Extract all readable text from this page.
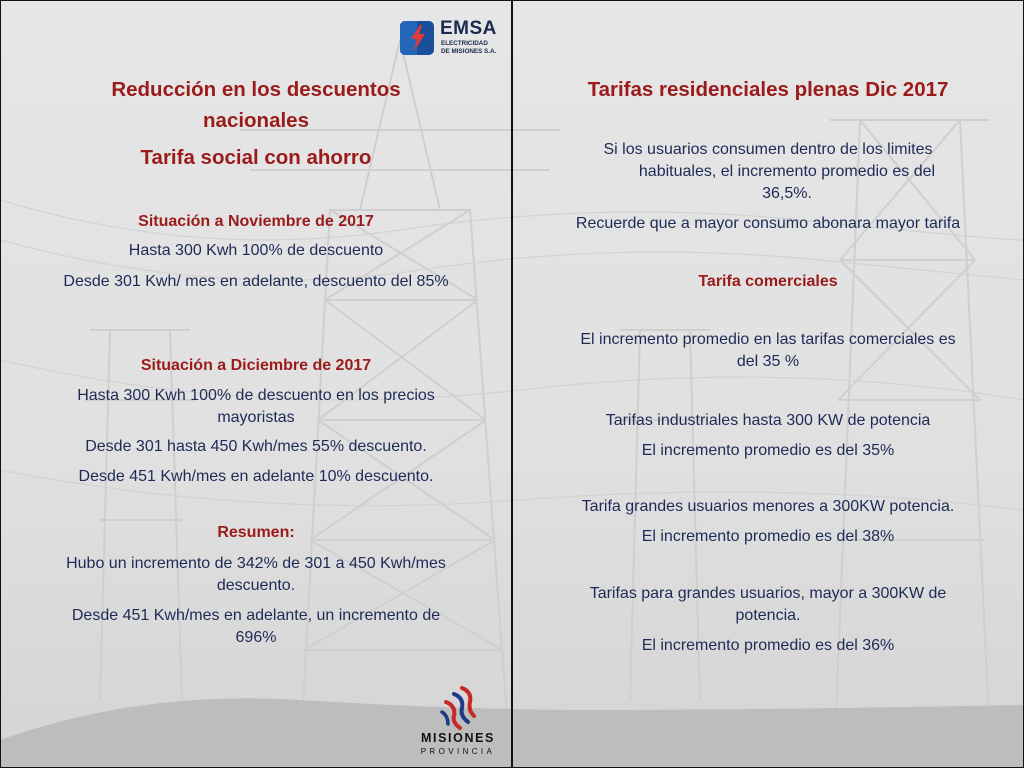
EMSA
ELECTRICIDAD
DE MISIONES S.A.

Reducción en los descuentos

nacionales

Tarifa social con ahorro

Situación a Noviembre de 2017

Hasta 300 Kwh 100% de descuento

Desde 301 Kwh/ mes en adelante, descuento del 85%

Situación a Diciembre de 2017

Hasta 300 Kwh 100% de descuento en los precios

mayoristas

Desde 301 hasta 450 Kwh/mes 55% descuento.

Desde 451 Kwh/mes en adelante 10% descuento.

Resumen:

Hubo un incremento de 342% de 301 a 450 Kwh/mes

descuento.

Desde 451 Kwh/mes en adelante, un incremento de

696%

Tarifas residenciales plenas Dic 2017

Si los usuarios consumen dentro de los limites

habituales, el incremento promedio es del

36,5%.

Recuerde que a mayor consumo abonara mayor tarifa

Tarifa comerciales

El incremento promedio en las tarifas comerciales es

del 35 %

Tarifas industriales hasta 300 KW de potencia

El incremento promedio es del 35%

Tarifa grandes usuarios menores a 300KW potencia.

El incremento promedio es del 38%

Tarifas para grandes usuarios, mayor a 300KW de

potencia.

El incremento promedio es del 36%

MISIONES
PROVINCIA
